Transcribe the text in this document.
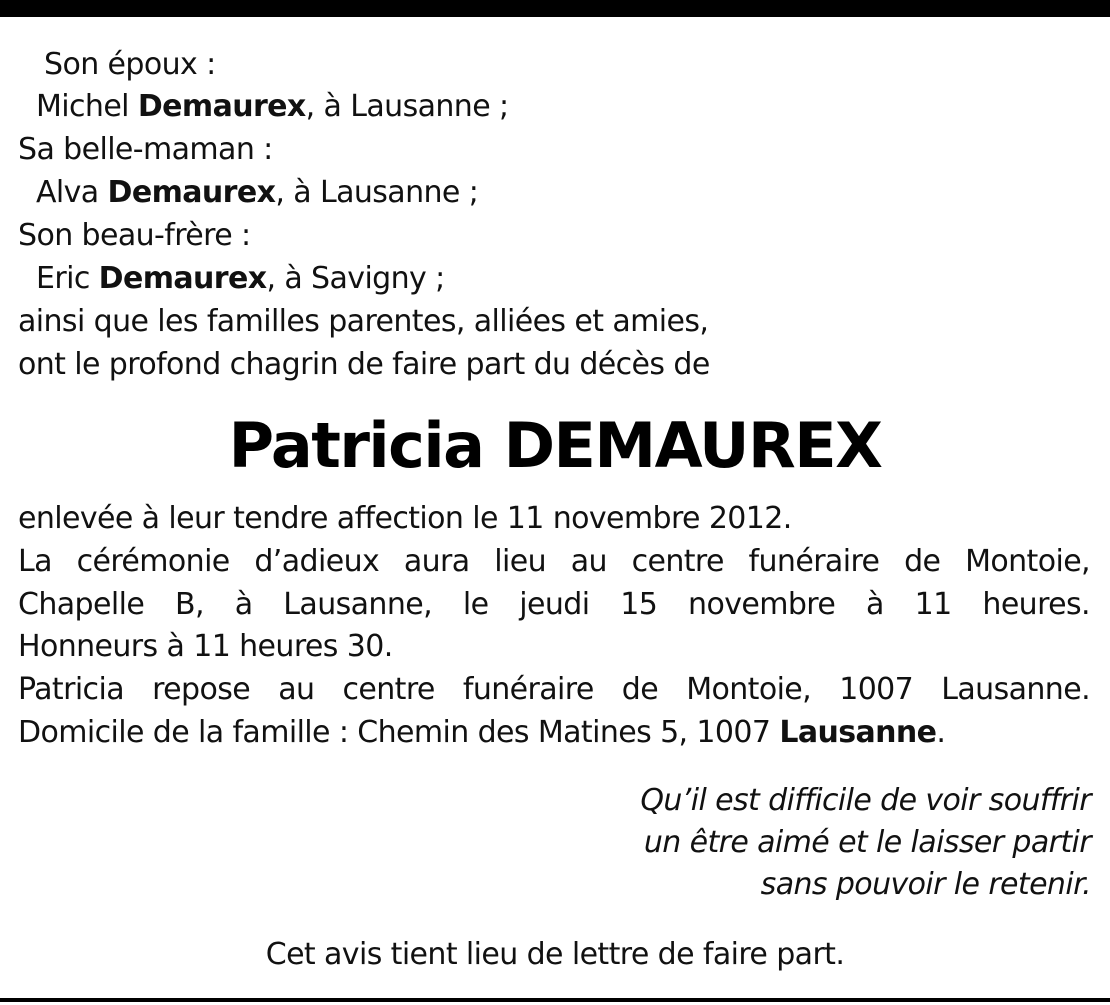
Son époux :
Michel Demaurex, à Lausanne ;
Sa belle-maman :
Alva Demaurex, à Lausanne ;
Son beau-frère :
Eric Demaurex, à Savigny ;
ainsi que les familles parentes, alliées et amies,
ont le profond chagrin de faire part du décès de
Patricia DEMAUREX
enlevée à leur tendre affection le 11 novembre 2012.
La cérémonie d’adieux aura lieu au centre funéraire de Montoie,
Chapelle B, à Lausanne, le jeudi 15 novembre à 11 heures.
Honneurs à 11 heures 30.
Patricia repose au centre funéraire de Montoie, 1007 Lausanne.
Domicile de la famille : Chemin des Matines 5, 1007 Lausanne.
Qu’il est difficile de voir souffrir
un être aimé et le laisser partir
sans pouvoir le retenir.
Cet avis tient lieu de lettre de faire part.
